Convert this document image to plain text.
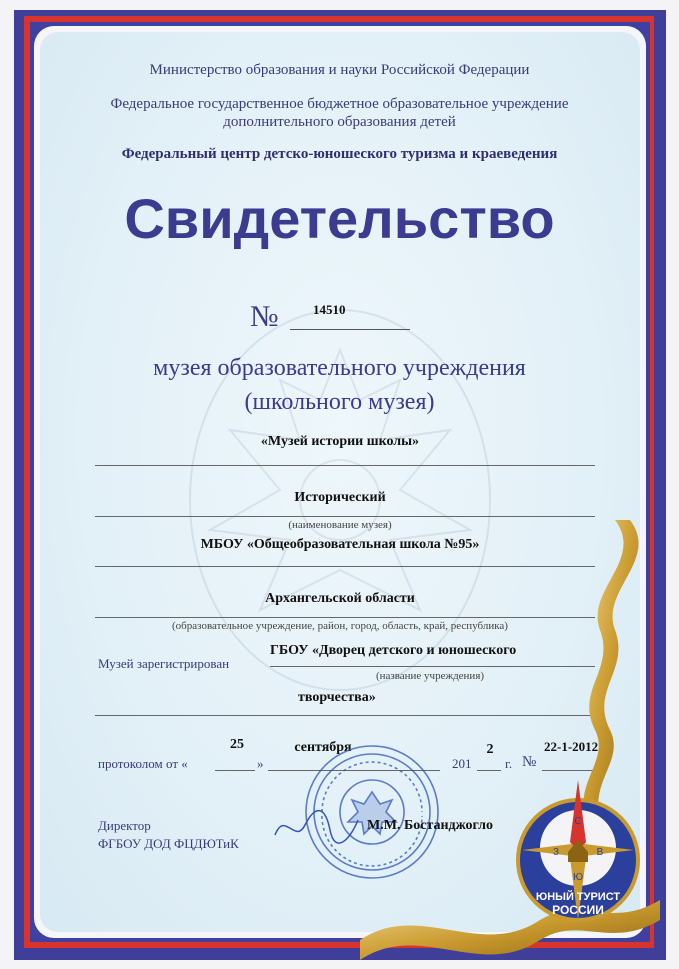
Министерство образования и науки Российской Федерации
Федеральное государственное бюджетное образовательное учреждение
дополнительного образования детей
Федеральный центр детско-юношеского туризма и краеведения
Свидетельство
№	14510
музея образовательного учреждения
(школьного музея)
«Музей истории школы»
Исторический
(наименование музея)
МБОУ «Общеобразовательная школа №95»
Архангельской области
(образовательное учреждение, район, город, область, край, республика)
Музей зарегистрирован
ГБОУ «Дворец детского и юношеского
(название учреждения)
творчества»
протоколом от «
25
»
сентября
201
2
г. №
22-1-2012
Директор
ФГБОУ ДОД ФЦДЮТиК
М.М. Бостанджогло	С
З	В
Ю
ЮНЫЙ ТУРИСТ
РОССИИ
